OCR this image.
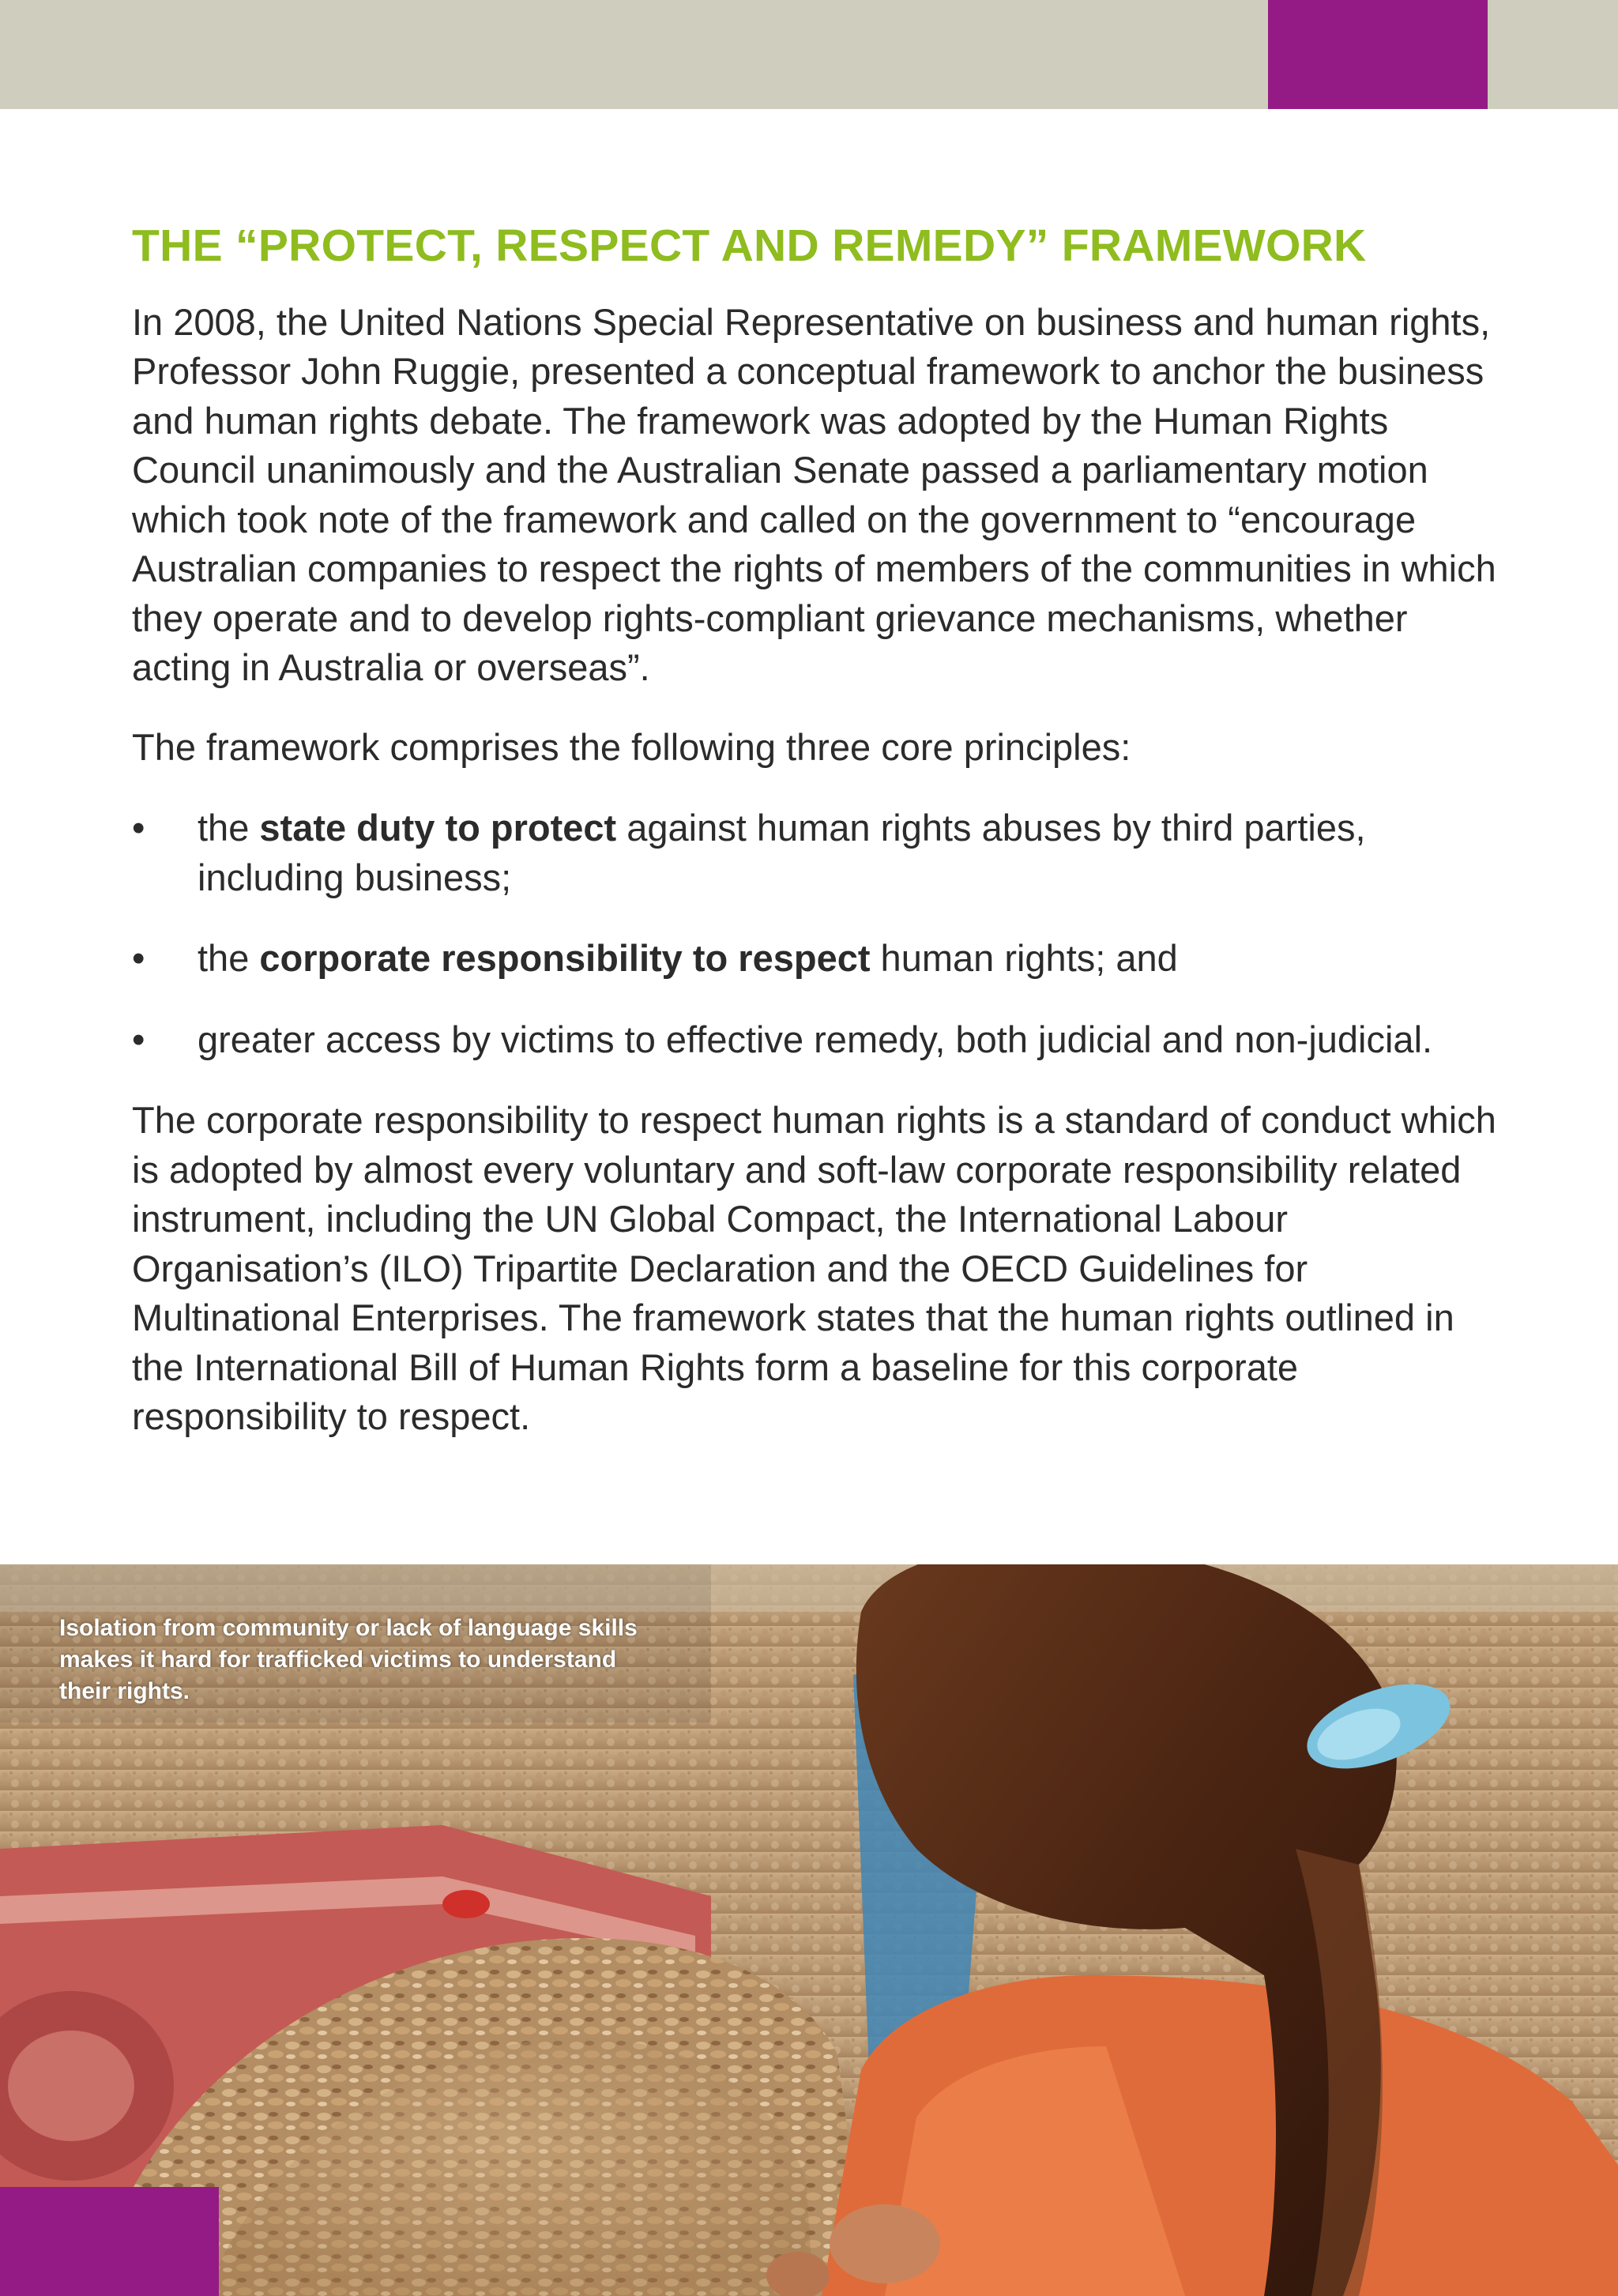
THE “PROTECT, RESPECT AND REMEDY” FRAMEWORK

In 2008, the United Nations Special Representative on business and human rights, Professor John Ruggie, presented a conceptual framework to anchor the business and human rights debate. The framework was adopted by the Human Rights Council unanimously and the Australian Senate passed a parliamentary motion which took note of the framework and called on the government to “encourage Australian companies to respect the rights of members of the communities in which they operate and to develop rights-compliant grievance mechanisms, whether acting in Australia or overseas”.

The framework comprises the following three core principles:

•	the state duty to protect against human rights abuses by third parties, including business;
•	the corporate responsibility to respect human rights; and
•	greater access by victims to effective remedy, both judicial and non-judicial.

The corporate responsibility to respect human rights is a standard of conduct which is adopted by almost every voluntary and soft-law corporate responsibility related instrument, including the UN Global Compact, the International Labour Organisation’s (ILO) Tripartite Declaration and the OECD Guidelines for Multinational Enterprises. The framework states that the human rights outlined in the International Bill of Human Rights form a baseline for this corporate responsibility to respect.

Isolation from community or lack of language skills makes it hard for trafficked victims to understand their rights.
